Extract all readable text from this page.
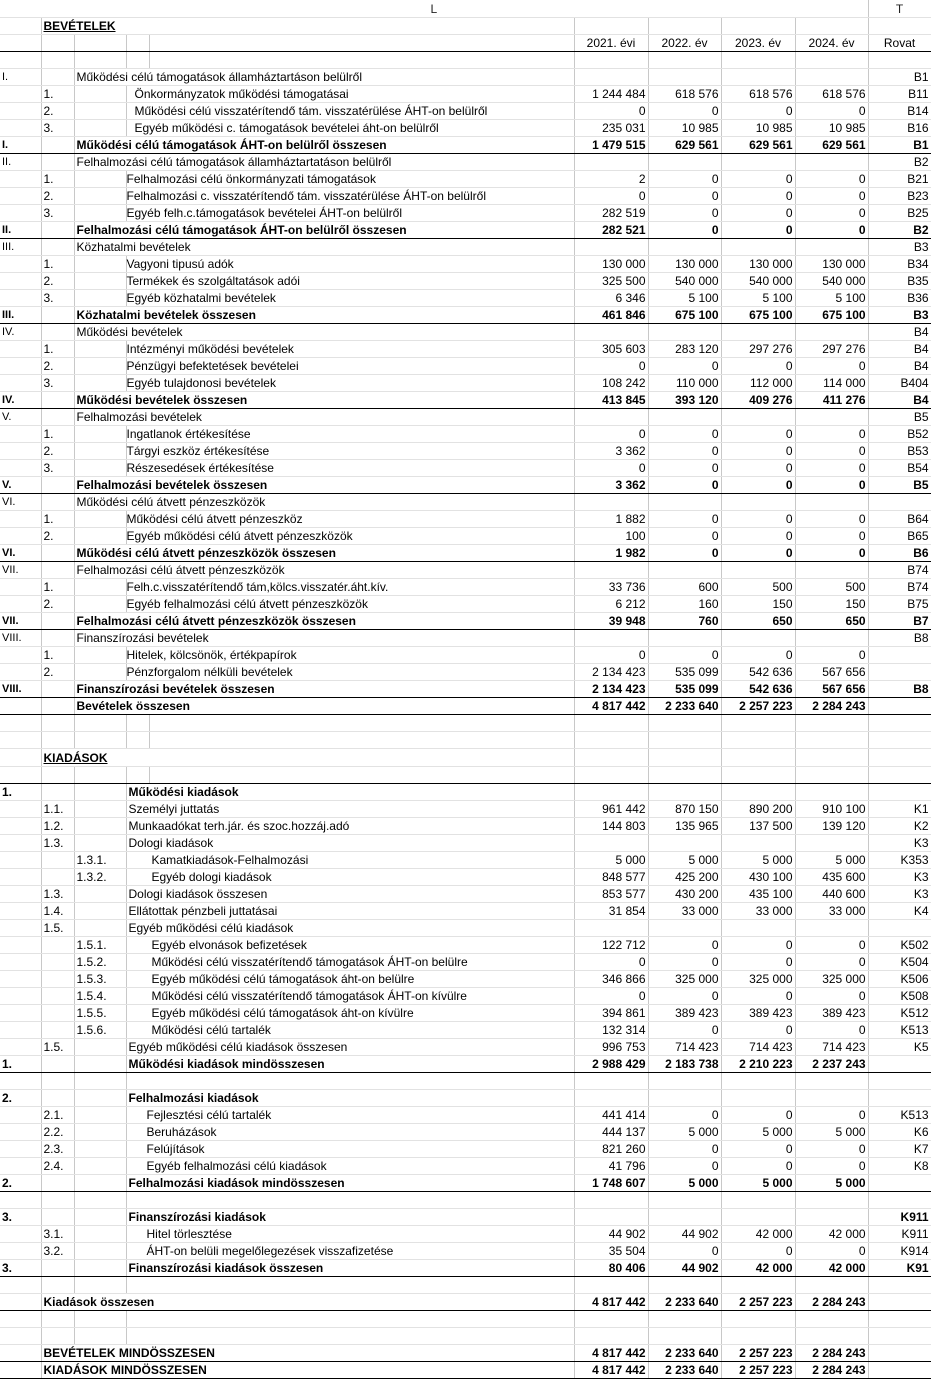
L									T
	BEVÉTELEK								
					2021. évi	2022. év	2023. év	2024. év	Rovat

I.		Működési célú támogatások államháztartáson belülről							B1
	1.		Önkormányzatok működési támogatásai		1 244 484	618 576	618 576	618 576	B11
	2.		Működési célú visszatérítendő tám. visszatérülése ÁHT-on belülről		0	0	0	0	B14
	3.		Egyéb működési c. támogatások bevételei áht-on belülről		235 031	10 985	10 985	10 985	B16
I.		Működési célú támogatások ÁHT-on belülről összesen			1 479 515	629 561	629 561	629 561	B1
II.		Felhalmozási célú támogatások államháztartatáson belülről							B2
	1.		Felhalmozási célú önkormányzati támogatások		2	0	0	0	B21
	2.		Felhalmozási c. visszatérítendő tám. visszatérülése ÁHT-on belülről		0	0	0	0	B23
	3.		Egyéb felh.c.támogatások bevételei ÁHT-on belülről		282 519	0	0	0	B25
II.		Felhalmozási célú támogatások ÁHT-on belülről összesen			282 521	0	0	0	B2
III.		Közhatalmi bevételek							B3
	1.		Vagyoni tipusú adók		130 000	130 000	130 000	130 000	B34
	2.		Termékek és szolgáltatások adói		325 500	540 000	540 000	540 000	B35
	3.		Egyéb közhatalmi bevételek		6 346	5 100	5 100	5 100	B36
III.		Közhatalmi bevételek összesen			461 846	675 100	675 100	675 100	B3
IV.		Működési bevételek							B4
	1.		Intézményi működési bevételek		305 603	283 120	297 276	297 276	B4
	2.		Pénzügyi befektetések bevételei		0	0	0	0	B4
	3.		Egyéb tulajdonosi bevételek		108 242	110 000	112 000	114 000	B404
IV.		Működési bevételek összesen			413 845	393 120	409 276	411 276	B4
V.		Felhalmozási bevételek							B5
	1.		Ingatlanok értékesítése		0	0	0	0	B52
	2.		Tárgyi eszköz értékesítése		3 362	0	0	0	B53
	3.		Részesedések értékesítése		0	0	0	0	B54
V.		Felhalmozási bevételek összesen			3 362	0	0	0	B5
VI.		Működési célú átvett pénzeszközök							
	1.		Működési célú átvett pénzeszköz		1 882	0	0	0	B64
	2.		Egyéb működési célú átvett pénzeszközök		100	0	0	0	B65
VI.		Működési célú átvett pénzeszközök összesen			1 982	0	0	0	B6
VII.		Felhalmozási célú átvett pénzeszközök							B74
	1.		Felh.c.visszatérítendő tám,kölcs.visszatér.áht.kív.		33 736	600	500	500	B74
	2.		Egyéb felhalmozási célú átvett pénzeszközök		6 212	160	150	150	B75
VII.		Felhalmozási célú átvett pénzeszközök összesen			39 948	760	650	650	B7
VIII.		Finanszírozási bevételek							B8
	1.		Hitelek, kölcsönök, értékpapírok		0	0	0	0	
	2.		Pénzforgalom nélküli bevételek		2 134 423	535 099	542 636	567 656	
VIII.		Finanszírozási bevételek összesen			2 134 423	535 099	542 636	567 656	B8
		Bevételek összesen			4 817 442	2 233 640	2 257 223	2 284 243	

	KIADÁSOK								

1.			Működési kiadások						
	1.1.		Személyi juttatás		961 442	870 150	890 200	910 100	K1
	1.2.		Munkaadókat terh.jár. és szoc.hozzáj.adó		144 803	135 965	137 500	139 120	K2
	1.3.		Dologi kiadások						K3
		1.3.1.	Kamatkiadások-Felhalmozási		5 000	5 000	5 000	5 000	K353
		1.3.2.	Egyéb dologi kiadások		848 577	425 200	430 100	435 600	K3
	1.3.		Dologi kiadások összesen		853 577	430 200	435 100	440 600	K3
	1.4.		Ellátottak pénzbeli juttatásai		31 854	33 000	33 000	33 000	K4
	1.5.		Egyéb működési célú kiadások						
		1.5.1.	Egyéb elvonások befizetések		122 712	0	0	0	K502
		1.5.2.	Működési célú visszatérítendő támogatások ÁHT-on belülre		0	0	0	0	K504
		1.5.3.	Egyéb működési célú támogatások áht-on belülre		346 866	325 000	325 000	325 000	K506
		1.5.4.	Működési célú visszatérítendő támogatások ÁHT-on kívülre		0	0	0	0	K508
		1.5.5.	Egyéb működési célú támogatások áht-on kívülre		394 861	389 423	389 423	389 423	K512
		1.5.6.	Működési célú tartalék		132 314	0	0	0	K513
	1.5.		Egyéb működési célú kiadások összesen		996 753	714 423	714 423	714 423	K5
1.			Működési kiadások mindösszesen		2 988 429	2 183 738	2 210 223	2 237 243	

2.			Felhalmozási kiadások						
	2.1.		Fejlesztési célú tartalék		441 414	0	0	0	K513
	2.2.		Beruházások		444 137	5 000	5 000	5 000	K6
	2.3.		Felújítások		821 260	0	0	0	K7
	2.4.		Egyéb felhalmozási célú kiadások		41 796	0	0	0	K8
2.			Felhalmozási kiadások mindösszesen		1 748 607	5 000	5 000	5 000	

3.			Finanszírozási kiadások						K911
	3.1.		Hitel törlesztése		44 902	44 902	42 000	42 000	K911
	3.2.		ÁHT-on belüli megelőlegezések visszafizetése		35 504	0	0	0	K914
3.			Finanszírozási kiadások összesen		80 406	44 902	42 000	42 000	K91

	Kiadások összesen				4 817 442	2 233 640	2 257 223	2 284 243	

	BEVÉTELEK MINDÖSSZESEN				4 817 442	2 233 640	2 257 223	2 284 243	
	KIADÁSOK MINDÖSSZESEN				4 817 442	2 233 640	2 257 223	2 284 243	
